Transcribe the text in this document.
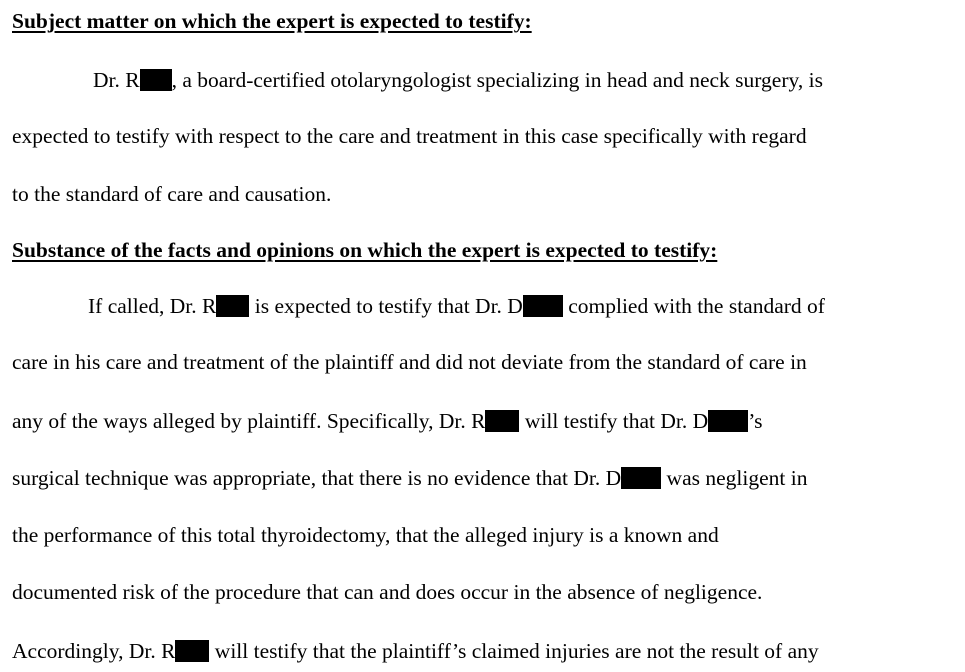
Subject matter on which the expert is expected to testify:

Dr. R , a board-certified otolaryngologist specializing in head and neck surgery, is

expected to testify with respect to the care and treatment in this case specifically with regard

to the standard of care and causation.

Substance of the facts and opinions on which the expert is expected to testify:

If called, Dr. R is expected to testify that Dr. D complied with the standard of

care in his care and treatment of the plaintiff and did not deviate from the standard of care in

any of the ways alleged by plaintiff. Specifically, Dr. R will testify that Dr. D ’s

surgical technique was appropriate, that there is no evidence that Dr. D was negligent in

the performance of this total thyroidectomy, that the alleged injury is a known and

documented risk of the procedure that can and does occur in the absence of negligence.

Accordingly, Dr. R will testify that the plaintiff’s claimed injuries are not the result of any
